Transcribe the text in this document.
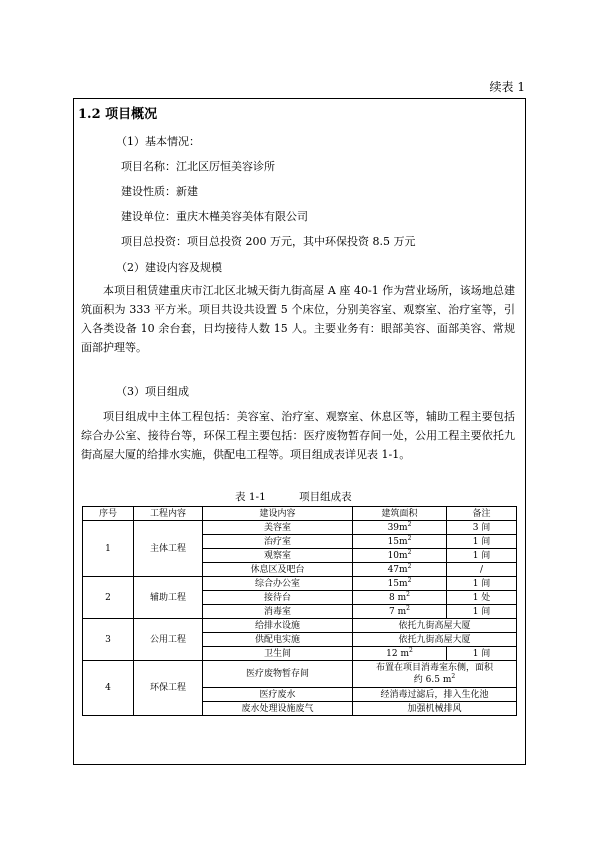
续表 1
1.2 项目概况
（1）基本情况：
项目名称：江北区厉恒美容诊所
建设性质：新建
建设单位：重庆木槿美容美体有限公司
项目总投资：项目总投资 200 万元，其中环保投资 8.5 万元
（2）建设内容及规模
本项目租赁建重庆市江北区北城天街九街高屋 A 座 40-1 作为营业场所，该场地总建筑面积为 333 平方米。项目共设共设置 5 个床位，分别美容室、观察室、治疗室等，引入各类设备 10 余台套，日均接待人数 15 人。主要业务有：眼部美容、面部美容、常规面部护理等。
（3）项目组成
项目组成中主体工程包括：美容室、治疗室、观察室、休息区等，辅助工程主要包括综合办公室、接待台等，环保工程主要包括：医疗废物暂存间一处，公用工程主要依托九街高屋大厦的给排水实施，供配电工程等。项目组成表详见表 1-1。
表 1-1          项目组成表
序号	工程内容	建设内容	建筑面积	备注
1	主体工程	美容室	$39m^2$	3 间
		治疗室	$15m^2$	1 间
		观察室	$10m^2$	1 间
		休息区及吧台	$47m^2$	/
2	辅助工程	综合办公室	$15m^2$	1 间
		接待台	8 $m^2$	1 处
		消毒室	7 $m^2$	1 间
3	公用工程	给排水设施	依托九街高屋大厦	
		供配电实施	依托九街高屋大厦	
		卫生间	12 $m^2$	1 间
4	环保工程	医疗废物暂存间	布置在项目消毒室东侧，面积
约 6.5 $m^2$
		医疗废水	经消毒过滤后，排入生化池	
		废水处理设施废气	加强机械排风	
